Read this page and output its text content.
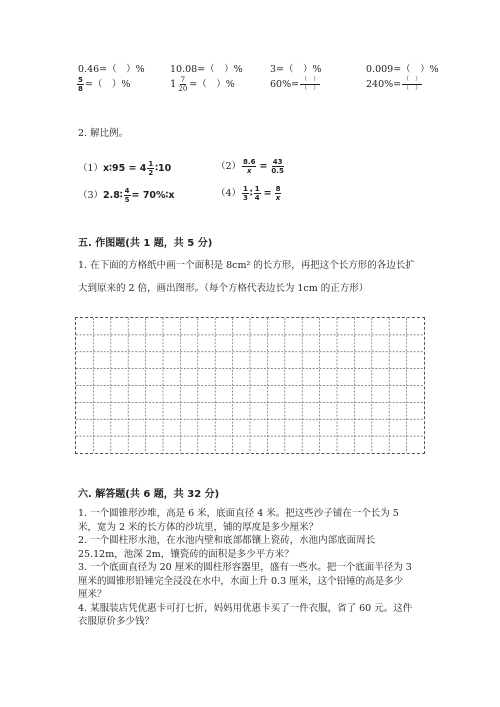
0.46=（　）%	10.08=（　）%	3=（　）%	0.009=（　）%
$\frac{5}{8}$ =（　）%	$1 \frac{7}{20}$ =（　）%	$60\%= \frac{( )}{( )}$	$240\%= \frac{( )}{( )}$
2. 解比例。
（1）x∶95 = $4 \frac{1}{2}$ ∶10	$(2) \frac{8.6}{x} = \frac{43}{0.5}$
（3）2.8∶ $\frac{4}{5}$ = 70%∶x	$(4) \frac{1}{3}$ ∶ $\frac{1}{4} = \frac{8}{x}$
五. 作图题(共 1 题，共 5 分)
1. 在下面的方格纸中画一个面积是 8cm² 的长方形，再把这个长方形的各边长扩
大到原来的 2 倍，画出图形。（每个方格代表边长为 1cm 的正方形）
六. 解答题(共 6 题，共 32 分)
1. 一个圆锥形沙堆，高是 6 米，底面直径 4 米。把这些沙子铺在一个长为 5
米，宽为 2 米的长方体的沙坑里，铺的厚度是多少厘米？
2. 一个圆柱形水池，在水池内壁和底部都镶上瓷砖，水池内部底面周长
25.12m，池深 2m，镶瓷砖的面积是多少平方米？
3. 一个底面直径为 20 厘米的圆柱形容器里，盛有一些水。把一个底面半径为 3
厘米的圆锥形铅锤完全浸没在水中，水面上升 0.3 厘米，这个铅锤的高是多少
厘米？
4. 某服装店凭优惠卡可打七折，妈妈用优惠卡买了一件衣服，省了 60 元。这件
衣服原价多少钱？
